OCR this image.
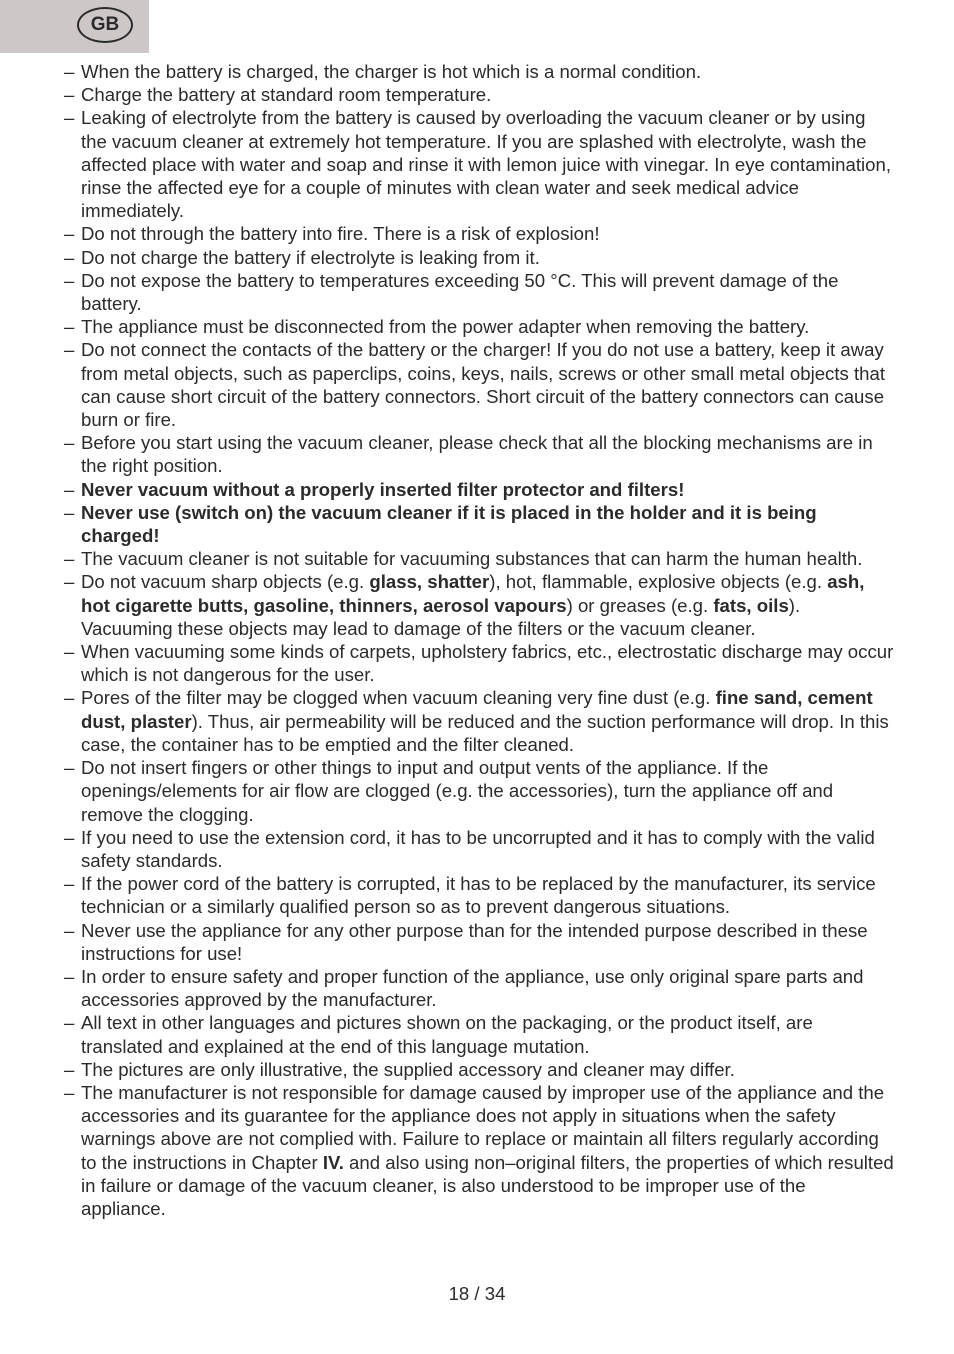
GB
– When the battery is charged, the charger is hot which is a normal condition.
– Charge the battery at standard room temperature.
– Leaking of electrolyte from the battery is caused by overloading the vacuum cleaner or by using the vacuum cleaner at extremely hot temperature. If you are splashed with electrolyte, wash the affected place with water and soap and rinse it with lemon juice with vinegar. In eye contamination, rinse the affected eye for a couple of minutes with clean water and seek medical advice immediately.
– Do not through the battery into fire. There is a risk of explosion!
– Do not charge the battery if electrolyte is leaking from it.
– Do not expose the battery to temperatures exceeding 50 °C. This will prevent damage of the battery.
– The appliance must be disconnected from the power adapter when removing the battery.
– Do not connect the contacts of the battery or the charger! If you do not use a battery, keep it away from metal objects, such as paperclips, coins, keys, nails, screws or other small metal objects that can cause short circuit of the battery connectors. Short circuit of the battery connectors can cause burn or fire.
– Before you start using the vacuum cleaner, please check that all the blocking mechanisms are in the right position.
– Never vacuum without a properly inserted filter protector and filters!
– Never use (switch on) the vacuum cleaner if it is placed in the holder and it is being charged!
– The vacuum cleaner is not suitable for vacuuming substances that can harm the human health.
– Do not vacuum sharp objects (e.g. glass, shatter), hot, flammable, explosive objects (e.g. ash, hot cigarette butts, gasoline, thinners, aerosol vapours) or greases (e.g. fats, oils). Vacuuming these objects may lead to damage of the filters or the vacuum cleaner.
– When vacuuming some kinds of carpets, upholstery fabrics, etc., electrostatic discharge may occur which is not dangerous for the user.
– Pores of the filter may be clogged when vacuum cleaning very fine dust (e.g. fine sand, cement dust, plaster). Thus, air permeability will be reduced and the suction performance will drop. In this case, the container has to be emptied and the filter cleaned.
– Do not insert fingers or other things to input and output vents of the appliance. If the openings/elements for air flow are clogged (e.g. the accessories), turn the appliance off and remove the clogging.
– If you need to use the extension cord, it has to be uncorrupted and it has to comply with the valid safety standards.
– If the power cord of the battery is corrupted, it has to be replaced by the manufacturer, its service technician or a similarly qualified person so as to prevent dangerous situations.
– Never use the appliance for any other purpose than for the intended purpose described in these instructions for use!
– In order to ensure safety and proper function of the appliance, use only original spare parts and accessories approved by the manufacturer.
– All text in other languages and pictures shown on the packaging, or the product itself, are translated and explained at the end of this language mutation.
– The pictures are only illustrative, the supplied accessory and cleaner may differ.
– The manufacturer is not responsible for damage caused by improper use of the appliance and the accessories and its guarantee for the appliance does not apply in situations when the safety warnings above are not complied with. Failure to replace or maintain all filters regularly according to the instructions in Chapter IV. and also using non–original filters, the properties of which resulted in failure or damage of the vacuum cleaner, is also understood to be improper use of the appliance.
18 / 34
